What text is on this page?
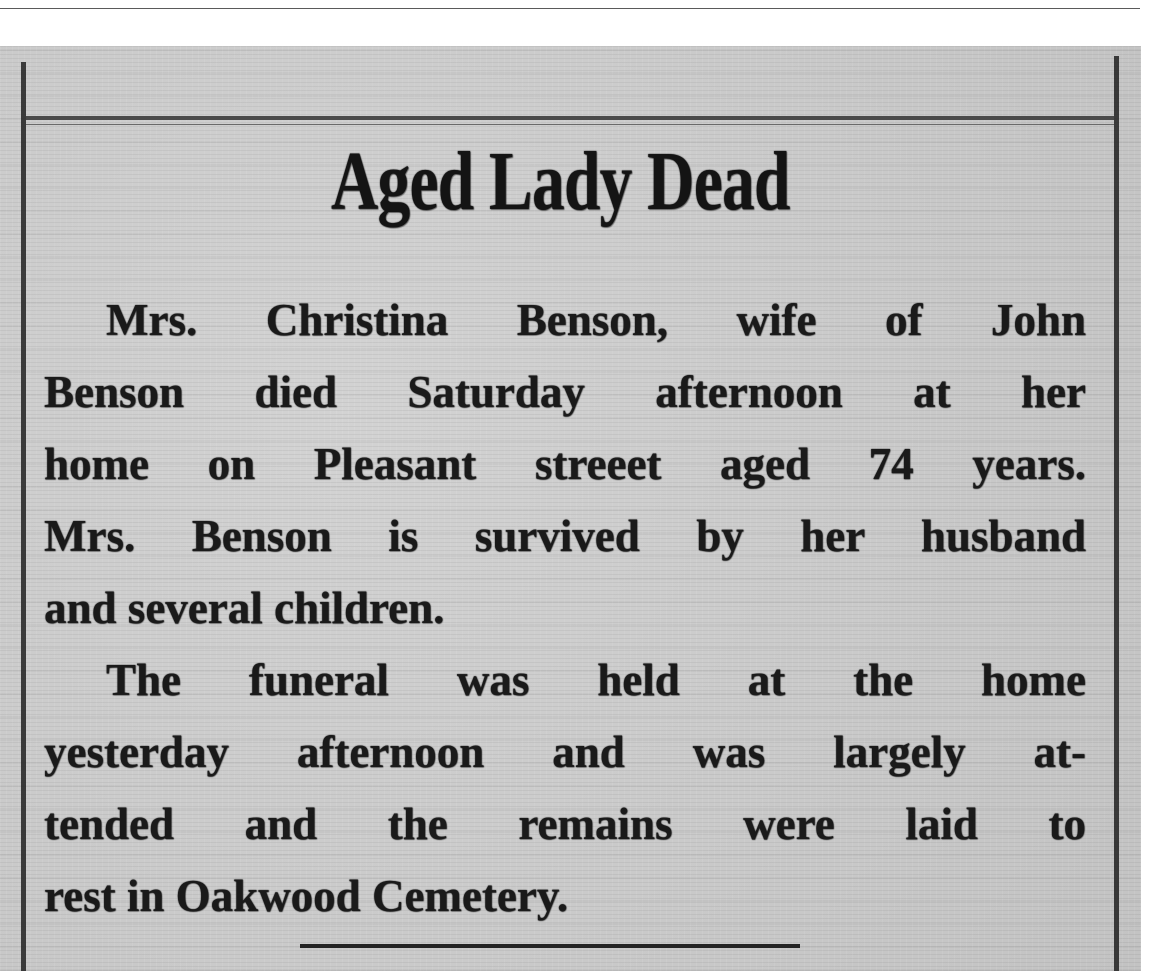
Aged Lady Dead
Mrs. Christina Benson, wife of John
Benson died Saturday afternoon at her
home on Pleasant streeet aged 74 years.
Mrs. Benson is survived by her husband
and several children.
The funeral was held at the home
yesterday afternoon and was largely at-
tended and the remains were laid to
rest in Oakwood Cemetery.
